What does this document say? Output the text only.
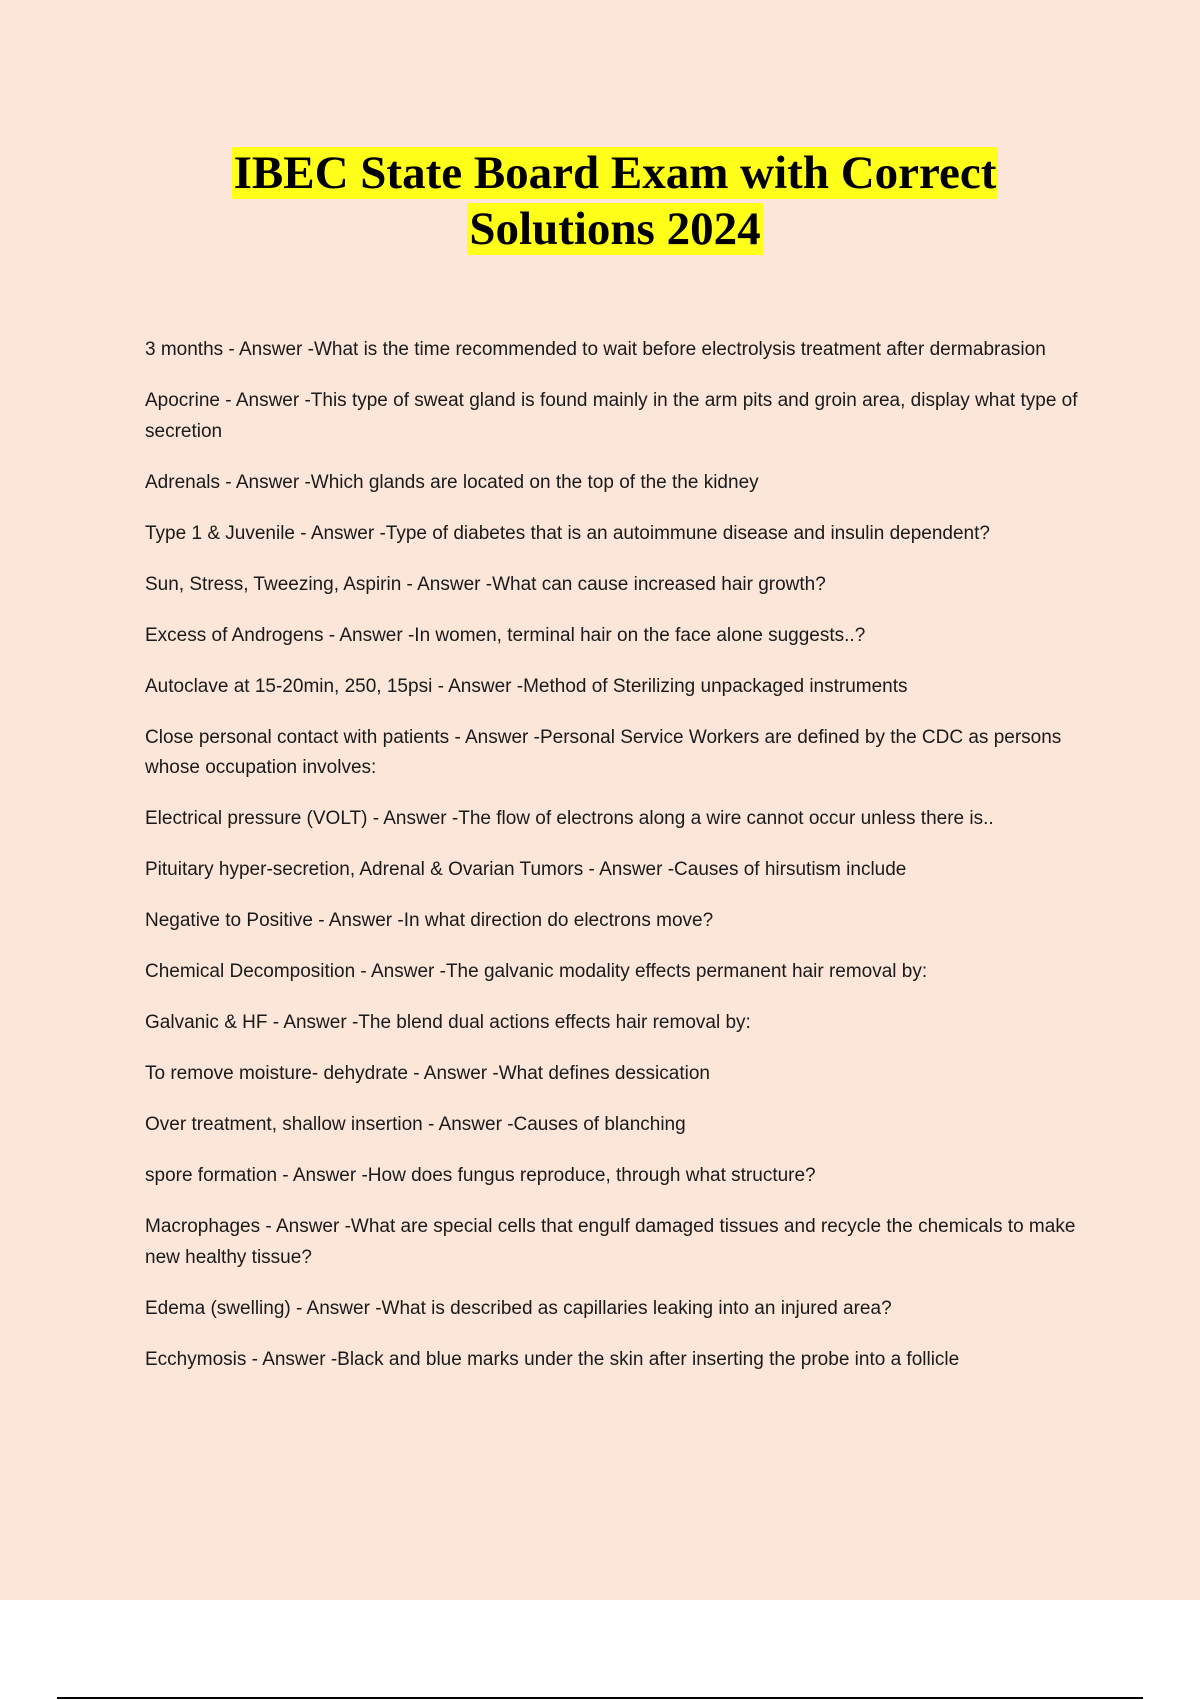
IBEC State Board Exam with Correct Solutions 2024
3 months - Answer -What is the time recommended to wait before electrolysis treatment after dermabrasion
Apocrine - Answer -This type of sweat gland is found mainly in the arm pits and groin area, display what type of secretion
Adrenals - Answer -Which glands are located on the top of the the kidney
Type 1 & Juvenile - Answer -Type of diabetes that is an autoimmune disease and insulin dependent?
Sun, Stress, Tweezing, Aspirin - Answer -What can cause increased hair growth?
Excess of Androgens - Answer -In women, terminal hair on the face alone suggests..?
Autoclave at 15-20min, 250, 15psi - Answer -Method of Sterilizing unpackaged instruments
Close personal contact with patients - Answer -Personal Service Workers are defined by the CDC as persons whose occupation involves:
Electrical pressure (VOLT) - Answer -The flow of electrons along a wire cannot occur unless there is..
Pituitary hyper-secretion, Adrenal & Ovarian Tumors - Answer -Causes of hirsutism include
Negative to Positive - Answer -In what direction do electrons move?
Chemical Decomposition - Answer -The galvanic modality effects permanent hair removal by:
Galvanic & HF - Answer -The blend dual actions effects hair removal by:
To remove moisture- dehydrate - Answer -What defines dessication
Over treatment, shallow insertion - Answer -Causes of blanching
spore formation - Answer -How does fungus reproduce, through what structure?
Macrophages - Answer -What are special cells that engulf damaged tissues and recycle the chemicals to make new healthy tissue?
Edema (swelling) - Answer -What is described as capillaries leaking into an injured area?
Ecchymosis - Answer -Black and blue marks under the skin after inserting the probe into a follicle
